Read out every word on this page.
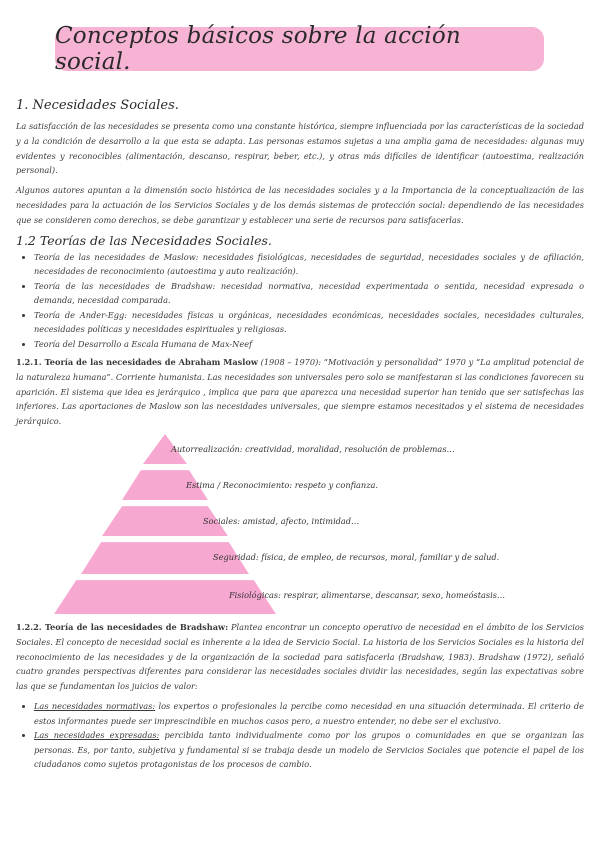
Conceptos básicos sobre la acción social.
1. Necesidades Sociales.

La satisfacción de las necesidades se presenta como una constante histórica, siempre influenciada por las características de la sociedad y a la condición de desarrollo a la que esta se adapta. Las personas estamos sujetas a una amplia gama de necesidades: algunas muy evidentes y reconocibles (alimentación, descanso, respirar, beber, etc.), y otras más difíciles de identificar (autoestima, realización personal).

Algunos autores apuntan a la dimensión socio histórica de las necesidades sociales y a la Importancia de la conceptualización de las necesidades para la actuación de los Servicios Sociales y de los demás sistemas de protección social: dependiendo de las necesidades que se consideren como derechos, se debe garantizar y establecer una serie de recursos para satisfacerlas.

1.2 Teorías de las Necesidades Sociales.
• Teoría de las necesidades de Maslow: necesidades fisiológicas, necesidades de seguridad, necesidades sociales y de afiliación, necesidades de reconocimiento (autoestima y auto realización).
• Teoría de las necesidades de Bradshaw: necesidad normativa, necesidad experimentada o sentida, necesidad expresada o demanda, necesidad comparada.
• Teoría de Ander-Egg: necesidades físicas u orgánicas, necesidades económicas, necesidades sociales, necesidades culturales, necesidades políticas y necesidades espirituales y religiosas.
• Teoría del Desarrollo a Escala Humana de Max-Neef

1.2.1. Teoría de las necesidades de Abraham Maslow (1908 – 1970): “Motivación y personalidad” 1970 y “La amplitud potencial de la naturaleza humana”. Corriente humanista. Las necesidades son universales pero solo se manifestaran si las condiciones favorecen su aparición. El sistema que idea es jerárquico , implica que para que aparezca una necesidad superior han tenido que ser satisfechas las inferiores. Las aportaciones de Maslow son las necesidades universales, que siempre estamos necesitados y el sistema de necesidades jerárquico.

Autorrealización: creatividad, moralidad, resolución de problemas…
Estima / Reconocimiento: respeto y confianza.
Sociales: amistad, afecto, intimidad…
Seguridad: física, de empleo, de recursos, moral, familiar y de salud.
Fisiológicas: respirar, alimentarse, descansar, sexo, homeóstasis…

1.2.2. Teoría de las necesidades de Bradshaw: Plantea encontrar un concepto operativo de necesidad en el ámbito de los Servicios Sociales. El concepto de necesidad social es inherente a la idea de Servicio Social. La historia de los Servicios Sociales es la historia del reconocimiento de las necesidades y de la organización de la sociedad para satisfacerla (Bradshaw, 1983). Bradshaw (1972), señaló cuatro grandes perspectivas diferentes para considerar las necesidades sociales dividir las necesidades, según las expectativas sobre las que se fundamentan los juicios de valor:

• Las necesidades normativas: los expertos o profesionales la percibe como necesidad en una situación determinada. El criterio de estos informantes puede ser imprescindible en muchos casos pero, a nuestro entender, no debe ser el exclusivo.
• Las necesidades expresadas: percibida tanto individualmente como por los grupos o comunidades en que se organizan las personas. Es, por tanto, subjetiva y fundamental si se trabaja desde un modelo de Servicios Sociales que potencie el papel de los ciudadanos como sujetos protagonistas de los procesos de cambio.
